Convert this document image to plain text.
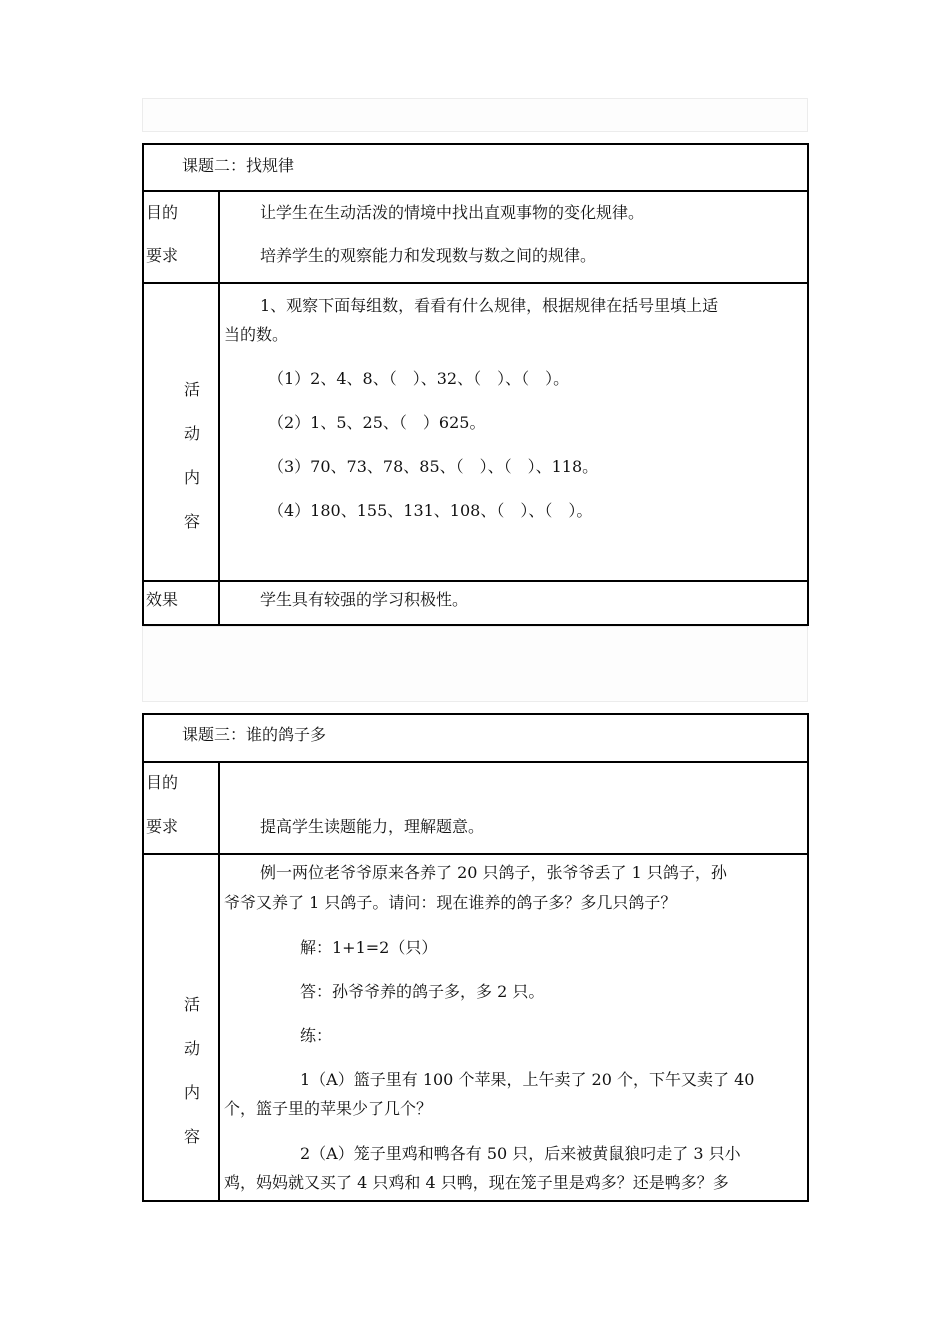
课题二：找规律
目的
要求
让学生在生动活泼的情境中找出直观事物的变化规律。
培养学生的观察能力和发现数与数之间的规律。
活
动
内
容
1、观察下面每组数，看看有什么规律，根据规律在括号里填上适
当的数。
（1）2、4、8、（　）、32、（　）、（　）。
（2）1、5、25、（　）625。
（3）70、73、78、85、（　）、（　）、118。
（4）180、155、131、108、（　）、（　）。
效果	学生具有较强的学习积极性。
课题三：谁的鸽子多
目的
要求	提高学生读题能力，理解题意。
活
动
内
容
例一两位老爷爷原来各养了 20 只鸽子，张爷爷丢了 1 只鸽子，孙
爷爷又养了 1 只鸽子。请问：现在谁养的鸽子多？多几只鸽子？
解：1+1=2（只）
答：孙爷爷养的鸽子多，多 2 只。
练：
1（A）篮子里有 100 个苹果，上午卖了 20 个，下午又卖了 40
个，篮子里的苹果少了几个？
2（A）笼子里鸡和鸭各有 50 只，后来被黄鼠狼叼走了 3 只小
鸡，妈妈就又买了 4 只鸡和 4 只鸭，现在笼子里是鸡多？还是鸭多？多
